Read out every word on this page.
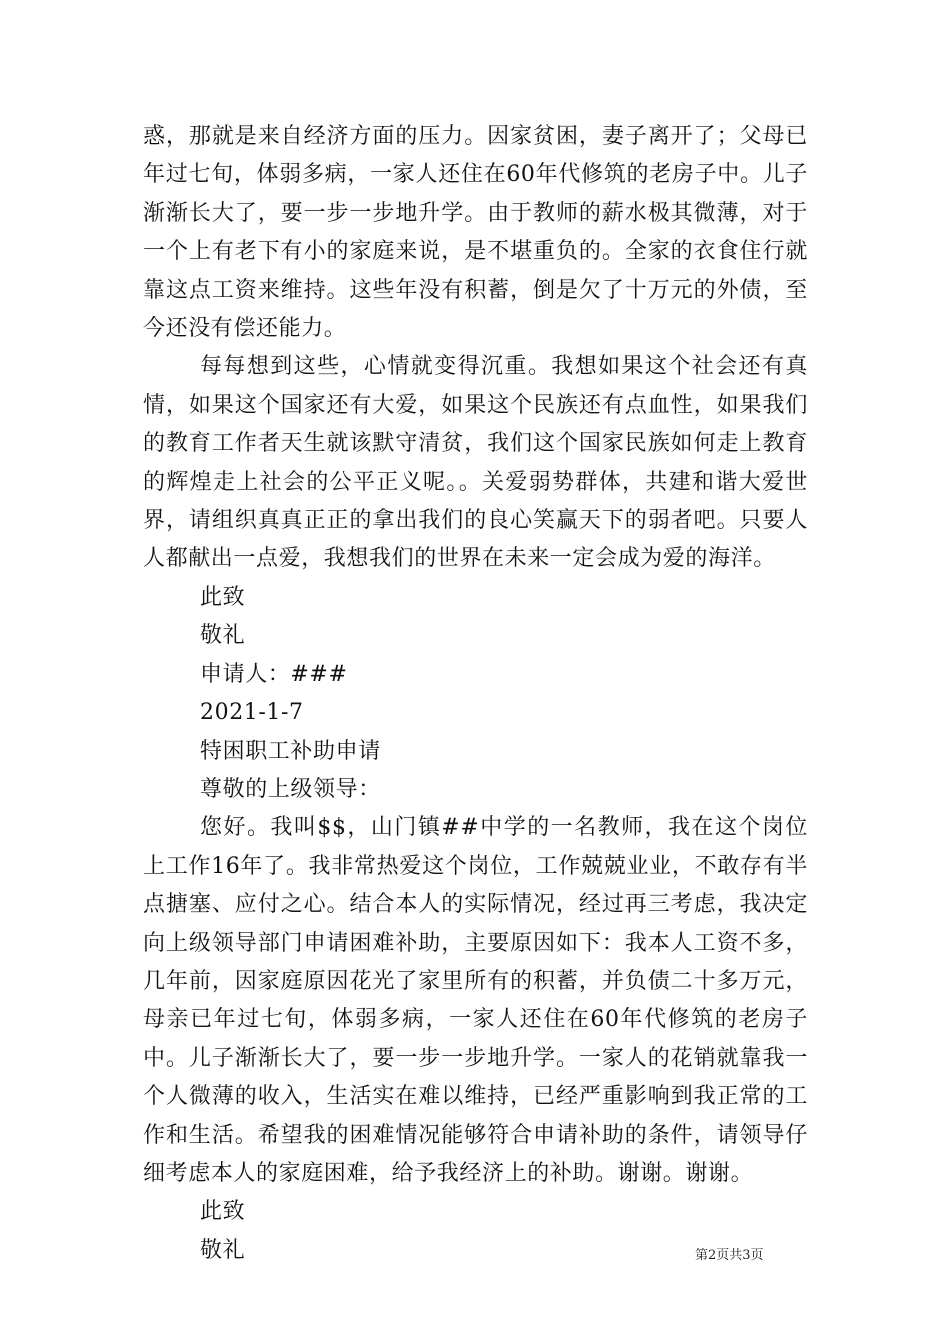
惑，那就是来自经济方面的压力。因家贫困，妻子离开了；父母已年过七旬，体弱多病，一家人还住在60年代修筑的老房子中。儿子渐渐长大了，要一步一步地升学。由于教师的薪水极其微薄，对于一个上有老下有小的家庭来说，是不堪重负的。全家的衣食住行就靠这点工资来维持。这些年没有积蓄，倒是欠了十万元的外债，至今还没有偿还能力。

每每想到这些，心情就变得沉重。我想如果这个社会还有真情，如果这个国家还有大爱，如果这个民族还有点血性，如果我们的教育工作者天生就该默守清贫，我们这个国家民族如何走上教育的辉煌走上社会的公平正义呢。。关爱弱势群体，共建和谐大爱世界，请组织真真正正的拿出我们的良心笑赢天下的弱者吧。只要人人都献出一点爱，我想我们的世界在未来一定会成为爱的海洋。

此致

敬礼

申请人：###

2021-1-7

特困职工补助申请

尊敬的上级领导：

您好。我叫$$，山门镇##中学的一名教师，我在这个岗位上工作16年了。我非常热爱这个岗位，工作兢兢业业，不敢存有半点搪塞、应付之心。结合本人的实际情况，经过再三考虑，我决定向上级领导部门申请困难补助，主要原因如下：我本人工资不多，几年前，因家庭原因花光了家里所有的积蓄，并负债二十多万元，母亲已年过七旬，体弱多病，一家人还住在60年代修筑的老房子中。儿子渐渐长大了，要一步一步地升学。一家人的花销就靠我一个人微薄的收入，生活实在难以维持，已经严重影响到我正常的工作和生活。希望我的困难情况能够符合申请补助的条件，请领导仔细考虑本人的家庭困难，给予我经济上的补助。谢谢。谢谢。

此致

敬礼	第2页共3页
